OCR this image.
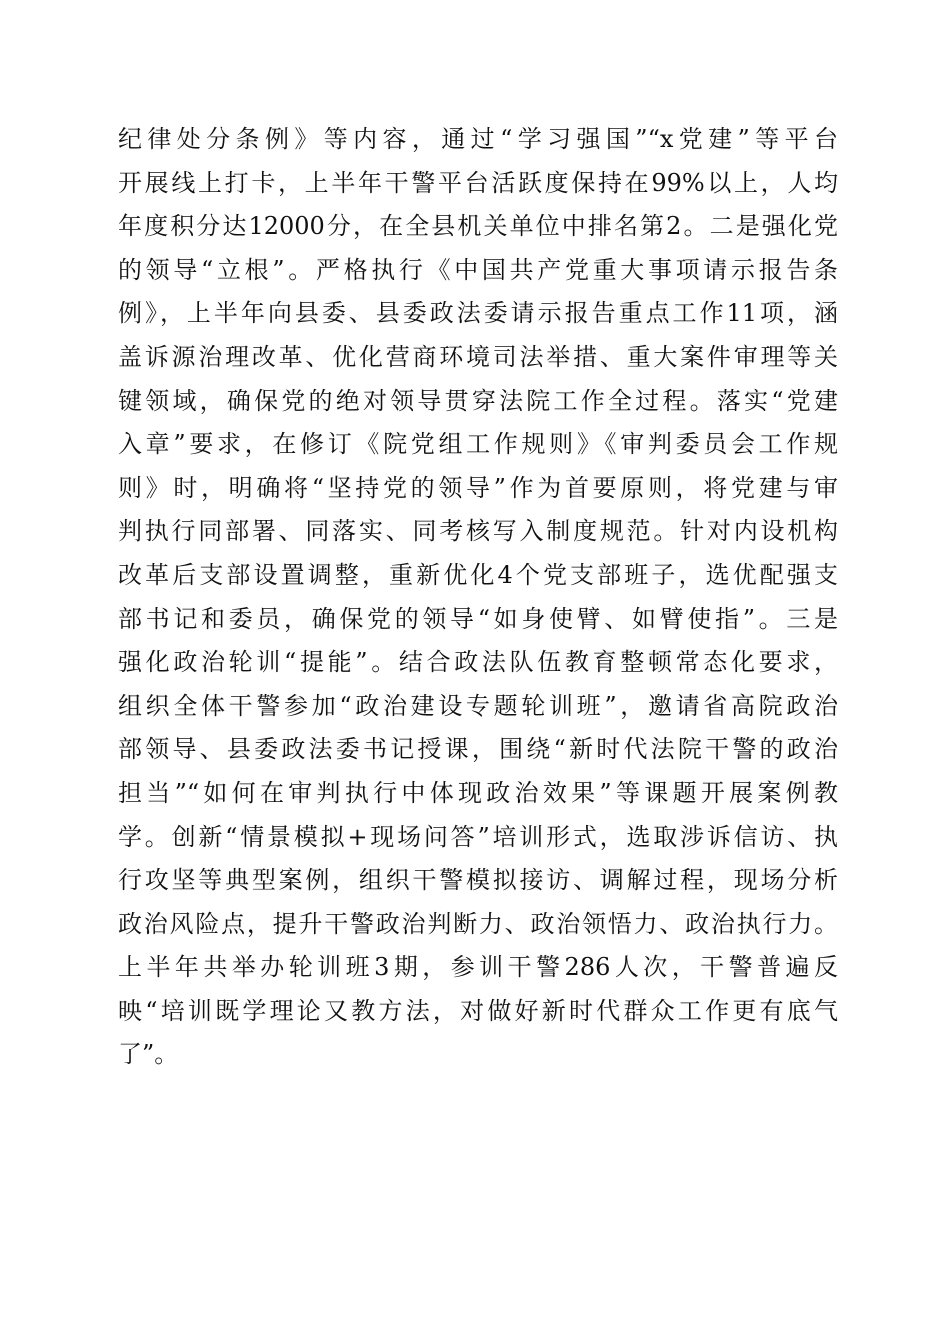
纪律处分条例》等内容，通过“学习强国”“x党建”等平台
开展线上打卡，上半年干警平台活跃度保持在99%以上，人均
年度积分达12000分，在全县机关单位中排名第2。二是强化党
的领导“立根”。严格执行《中国共产党重大事项请示报告条
例》，上半年向县委、县委政法委请示报告重点工作11项，涵
盖诉源治理改革、优化营商环境司法举措、重大案件审理等关
键领域，确保党的绝对领导贯穿法院工作全过程。落实“党建
入章”要求，在修订《院党组工作规则》《审判委员会工作规
则》时，明确将“坚持党的领导”作为首要原则，将党建与审
判执行同部署、同落实、同考核写入制度规范。针对内设机构
改革后支部设置调整，重新优化4个党支部班子，选优配强支
部书记和委员，确保党的领导“如身使臂、如臂使指”。三是
强化政治轮训“提能”。结合政法队伍教育整顿常态化要求，
组织全体干警参加“政治建设专题轮训班”，邀请省高院政治
部领导、县委政法委书记授课，围绕“新时代法院干警的政治
担当”“如何在审判执行中体现政治效果”等课题开展案例教
学。创新“情景模拟+现场问答”培训形式，选取涉诉信访、执
行攻坚等典型案例，组织干警模拟接访、调解过程，现场分析
政治风险点，提升干警政治判断力、政治领悟力、政治执行力。
上半年共举办轮训班3期，参训干警286人次，干警普遍反
映“培训既学理论又教方法，对做好新时代群众工作更有底气
了”。
